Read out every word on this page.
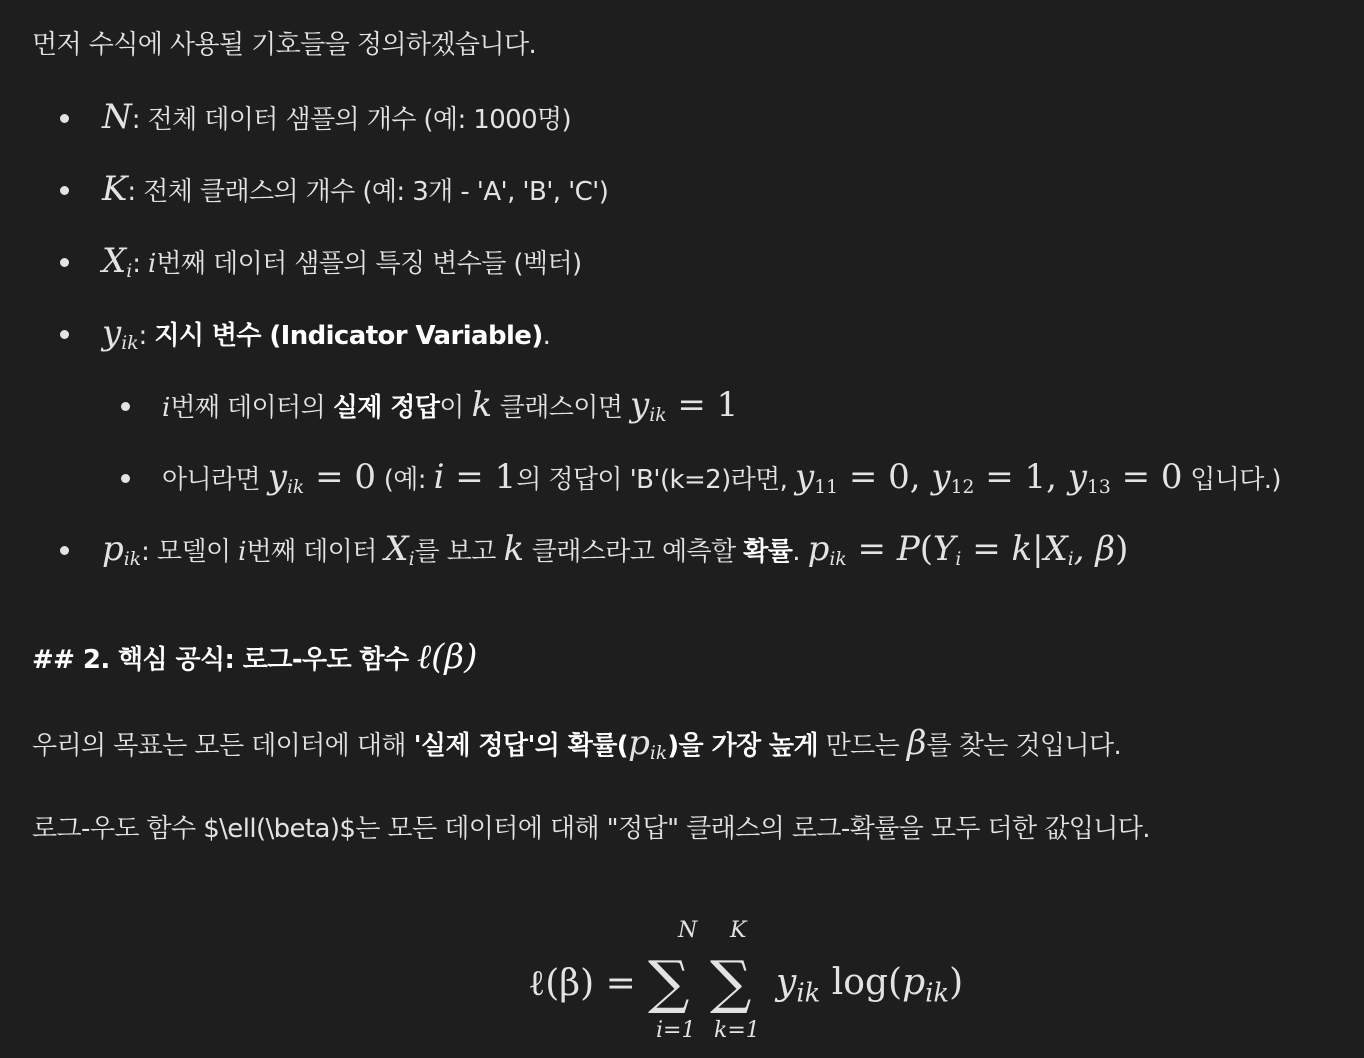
먼저 수식에 사용될 기호들을 정의하겠습니다.
N: 전체 데이터 샘플의 개수 (예: 1000명)
K: 전체 클래스의 개수 (예: 3개 - 'A', 'B', 'C')
$X_i$: i번째 데이터 샘플의 특징 변수들 (벡터)
$y_{ik}$: 지시 변수 (Indicator Variable).
i번째 데이터의 실제 정답이 k 클래스이면 $y_{ik} = 1$
아니라면 $y_{ik} = 0$ (예: i = 1의 정답이 'B'(k=2)라면, $y_{11} = 0$, $y_{12} = 1$, $y_{13} = 0$ 입니다.)
$p_{ik}$: 모델이 i번째 데이터 $X_i$를 보고 k 클래스라고 예측할 확률. $p_{ik} = P(Y_i = k|X_i$, β)
## 2. 핵심 공식: 로그-우도 함수 ℓ(β)
우리의 목표는 모든 데이터에 대해 '실제 정답'의 확률$(p_{ik})$을 가장 높게 만드는 β를 찾는 것입니다.
로그-우도 함수 $\ell(\beta)$는 모든 데이터에 대해 "정답" 클래스의 로그-확률을 모두 더한 값입니다.
ℓ(β) =
N
∑
i=1
K
∑
k=1
$y_{ik}$ $\log(p_{ik})$
